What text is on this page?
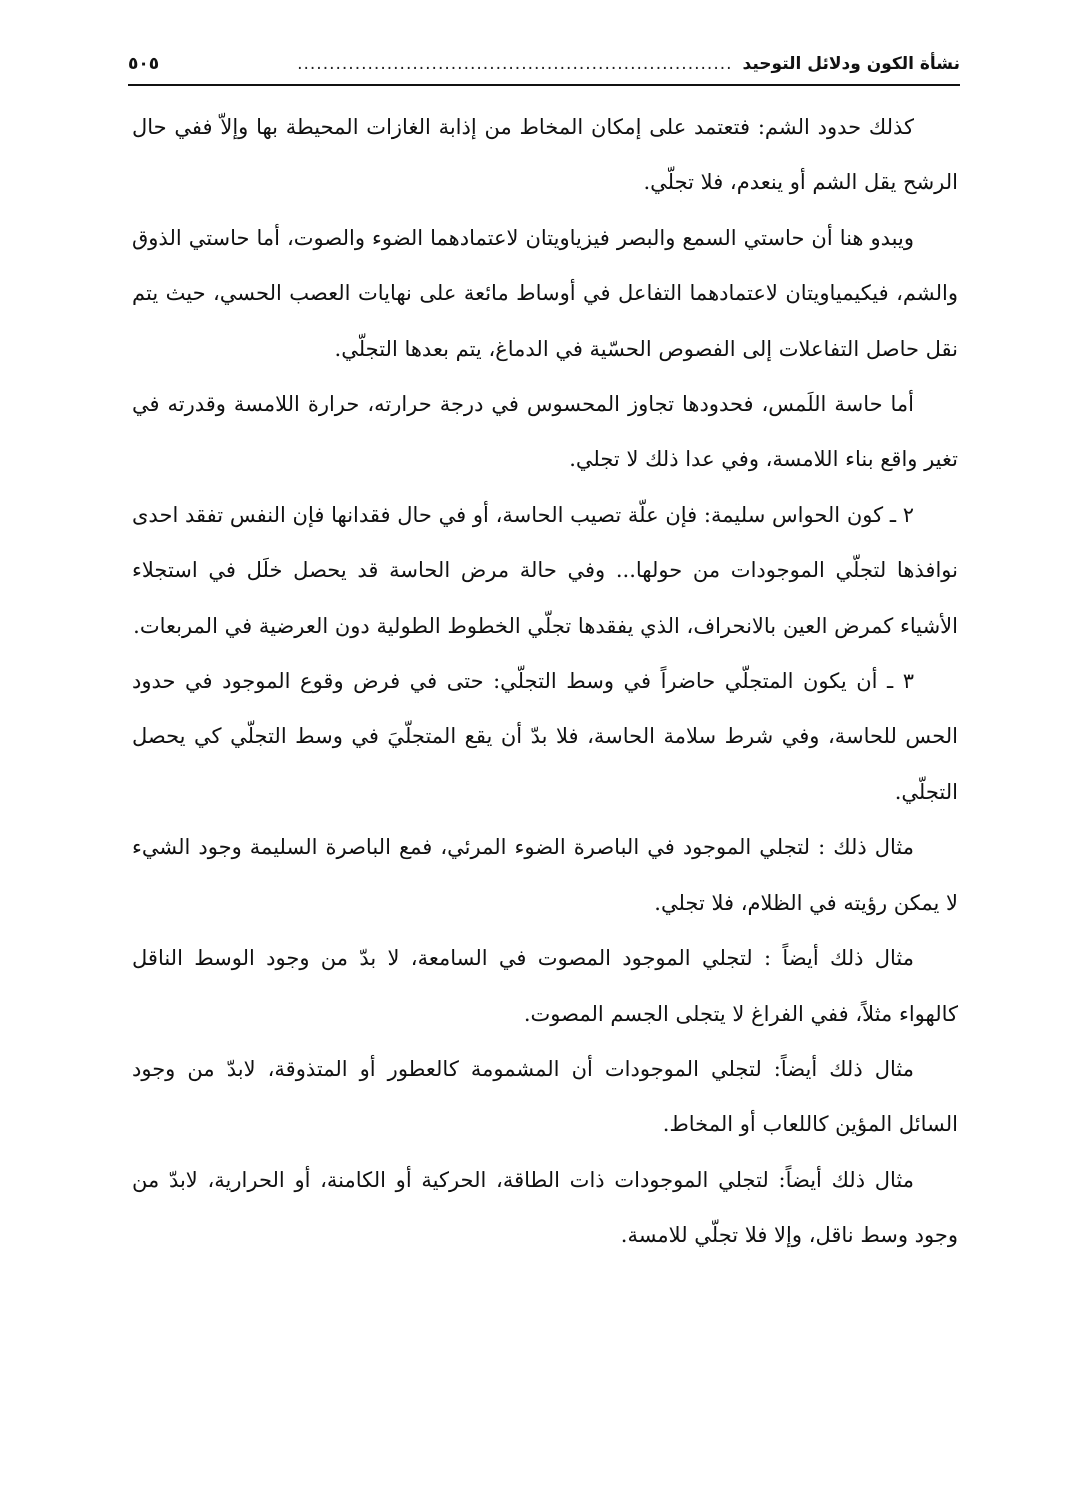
نشأة الكون ودلائل التوحيد
....................................................................
٥٠٥

كذلك حدود الشم: فتعتمد على إمكان المخاط من إذابة الغازات المحيطة بها وإلاّ ففي حال الرشح يقل الشم أو ينعدم، فلا تجلّي.

ويبدو هنا أن حاستي السمع والبصر فيزياويتان لاعتمادهما الضوء والصوت، أما حاستي الذوق والشم، فيكيمياويتان لاعتمادهما التفاعل في أوساط مائعة على نهايات العصب الحسي، حيث يتم نقل حاصل التفاعلات إلى الفصوص الحسّية في الدماغ، يتم بعدها التجلّي.

أما حاسة اللَمس، فحدودها تجاوز المحسوس في درجة حرارته، حرارة اللامسة وقدرته في تغير واقع بناء اللامسة، وفي عدا ذلك لا تجلي.

٢ ـ كون الحواس سليمة: فإن علّة تصيب الحاسة، أو في حال فقدانها فإن النفس تفقد احدى نوافذها لتجلّي الموجودات من حولها... وفي حالة مرض الحاسة قد يحصل خلَل في استجلاء الأشياء كمرض العين بالانحراف، الذي يفقدها تجلّي الخطوط الطولية دون العرضية في المربعات.

٣ ـ أن يكون المتجلّي حاضراً في وسط التجلّي: حتى في فرض وقوع الموجود في حدود الحس للحاسة، وفي شرط سلامة الحاسة، فلا بدّ أن يقع المتجلّيَ في وسط التجلّي كي يحصل التجلّي.

مثال ذلك : لتجلي الموجود في الباصرة الضوء المرئي، فمع الباصرة السليمة وجود الشيء لا يمكن رؤيته في الظلام، فلا تجلي.

مثال ذلك أيضاً : لتجلي الموجود المصوت في السامعة، لا بدّ من وجود الوسط الناقل كالهواء مثلاً، ففي الفراغ لا يتجلى الجسم المصوت.

مثال ذلك أيضاً: لتجلي الموجودات أن المشمومة كالعطور أو المتذوقة، لابدّ من وجود السائل المؤين كاللعاب أو المخاط.

مثال ذلك أيضاً: لتجلي الموجودات ذات الطاقة، الحركية أو الكامنة، أو الحرارية، لابدّ من وجود وسط ناقل، وإلا فلا تجلّي للامسة.
